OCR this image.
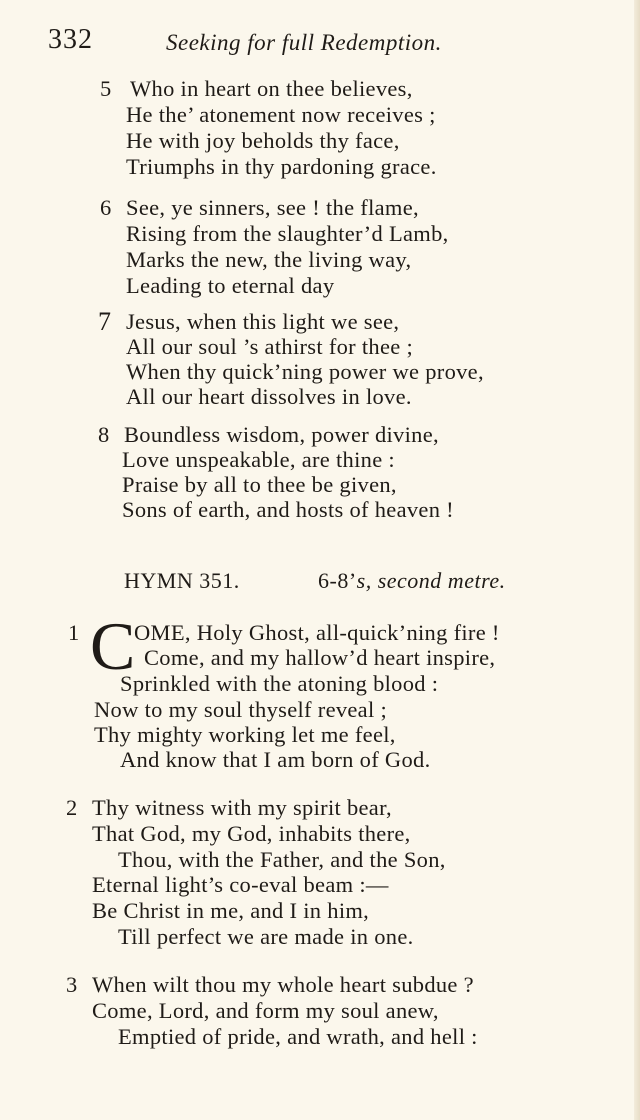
332	Seeking for full Redemption.
5 Who in heart on thee believes,
He the’ atonement now receives ;
He with joy beholds thy face,
Triumphs in thy pardoning grace.
6 See, ye sinners, see ! the flame,
Rising from the slaughter’d Lamb,
Marks the new, the living way,
Leading to eternal day
7 Jesus, when this light we see,
All our soul ’s athirst for thee ;
When thy quick’ning power we prove,
All our heart dissolves in love.
8 Boundless wisdom, power divine,
Love unspeakable, are thine :
Praise by all to thee be given,
Sons of earth, and hosts of heaven !
HYMN 351.	6-8’s, second metre.
1 C
OME, Holy Ghost, all-quick’ning fire !
Come, and my hallow’d heart inspire,
Sprinkled with the atoning blood :
Now to my soul thyself reveal ;
Thy mighty working let me feel,
And know that I am born of God.
2 Thy witness with my spirit bear,
That God, my God, inhabits there,
Thou, with the Father, and the Son,
Eternal light’s co-eval beam :—
Be Christ in me, and I in him,
Till perfect we are made in one.
3 When wilt thou my whole heart subdue ?
Come, Lord, and form my soul anew,
Emptied of pride, and wrath, and hell :
